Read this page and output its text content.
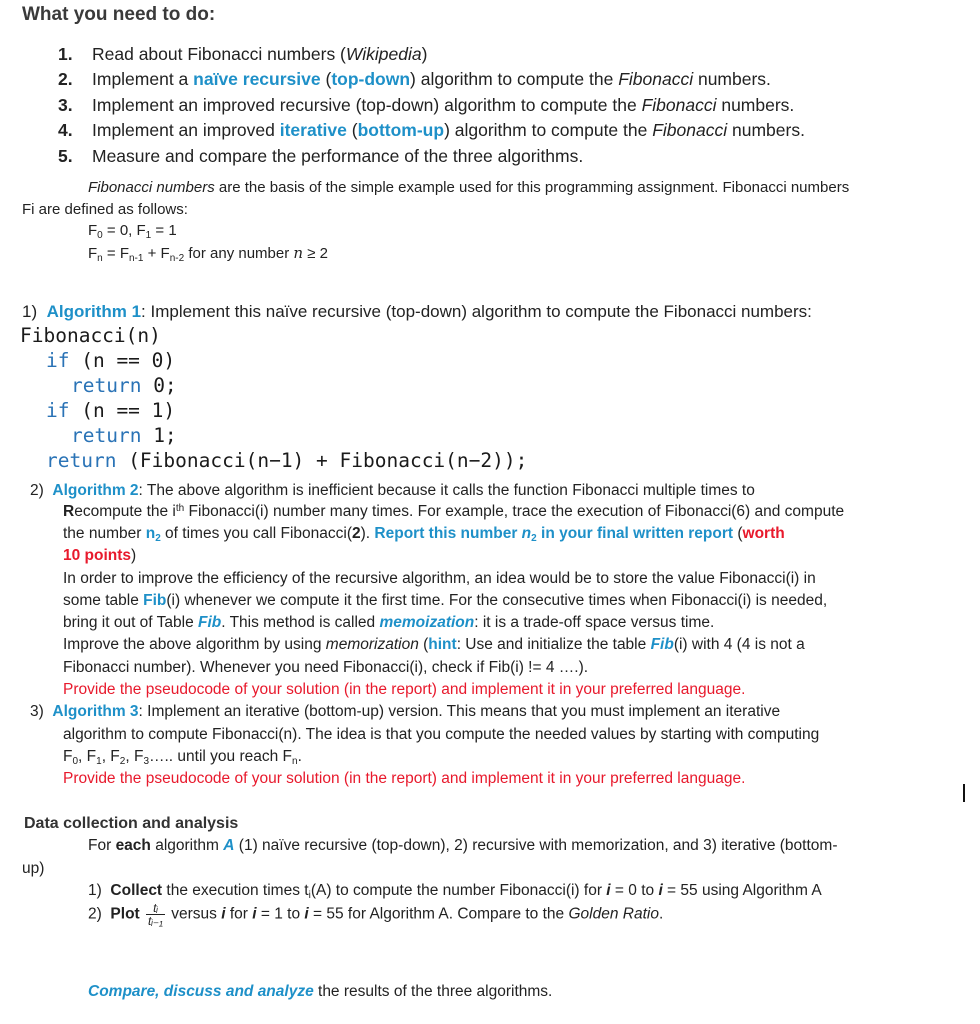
What you need to do:
1. Read about Fibonacci numbers (Wikipedia)
2. Implement a naïve recursive (top-down) algorithm to compute the Fibonacci numbers.
3. Implement an improved recursive (top-down) algorithm to compute the Fibonacci numbers.
4. Implement an improved iterative (bottom-up) algorithm to compute the Fibonacci numbers.
5. Measure and compare the performance of the three algorithms.
Fibonacci numbers are the basis of the simple example used for this programming assignment. Fibonacci numbers
Fi are defined as follows:
$F_0 = 0$, $F_1 = 1$
$F_n = F_{n-1} + F_{n-2}$ for any number n ≥ 2
1) Algorithm 1: Implement this naïve recursive (top-down) algorithm to compute the Fibonacci numbers:
Fibonacci(n)
if (n == 0)
return 0;
if (n == 1)
return 1;
return (Fibonacci(n−1) + Fibonacci(n−2));
2) Algorithm 2: The above algorithm is inefficient because it calls the function Fibonacci multiple times to
Recompute the $i^{th}$ Fibonacci(i) number many times. For example, trace the execution of Fibonacci(6) and compute
the number $n_2$ of times you call Fibonacci(2). Report this number $n_2$ in your final written report (worth
10 points)
In order to improve the efficiency of the recursive algorithm, an idea would be to store the value Fibonacci(i) in
some table Fib(i) whenever we compute it the first time. For the consecutive times when Fibonacci(i) is needed,
bring it out of Table Fib. This method is called memoization: it is a trade-off space versus time.
Improve the above algorithm by using memorization (hint: Use and initialize the table Fib(i) with 4 (4 is not a
Fibonacci number). Whenever you need Fibonacci(i), check if Fib(i) != 4 ….).
Provide the pseudocode of your solution (in the report) and implement it in your preferred language.
3) Algorithm 3: Implement an iterative (bottom-up) version. This means that you must implement an iterative
algorithm to compute Fibonacci(n). The idea is that you compute the needed values by starting with computing
$F_0$, $F_1$, $F_2$, $F_3\dots$.. until you reach $F_n$.
Provide the pseudocode of your solution (in the report) and implement it in your preferred language.
Data collection and analysis
For each algorithm A (1) naïve recursive (top-down), 2) recursive with memorization, and 3) iterative (bottom-
up)
1) Collect the execution times $t_i(A)$ to compute the number Fibonacci(i) for i = 0 to i = 55 using Algorithm A
2) Plot $\frac{\text{tᵢ}}{\text{tᵢ₋₁}}$ versus i for i = 1 to i = 55 for Algorithm A. Compare to the Golden Ratio.
Compare, discuss and analyze the results of the three algorithms.
